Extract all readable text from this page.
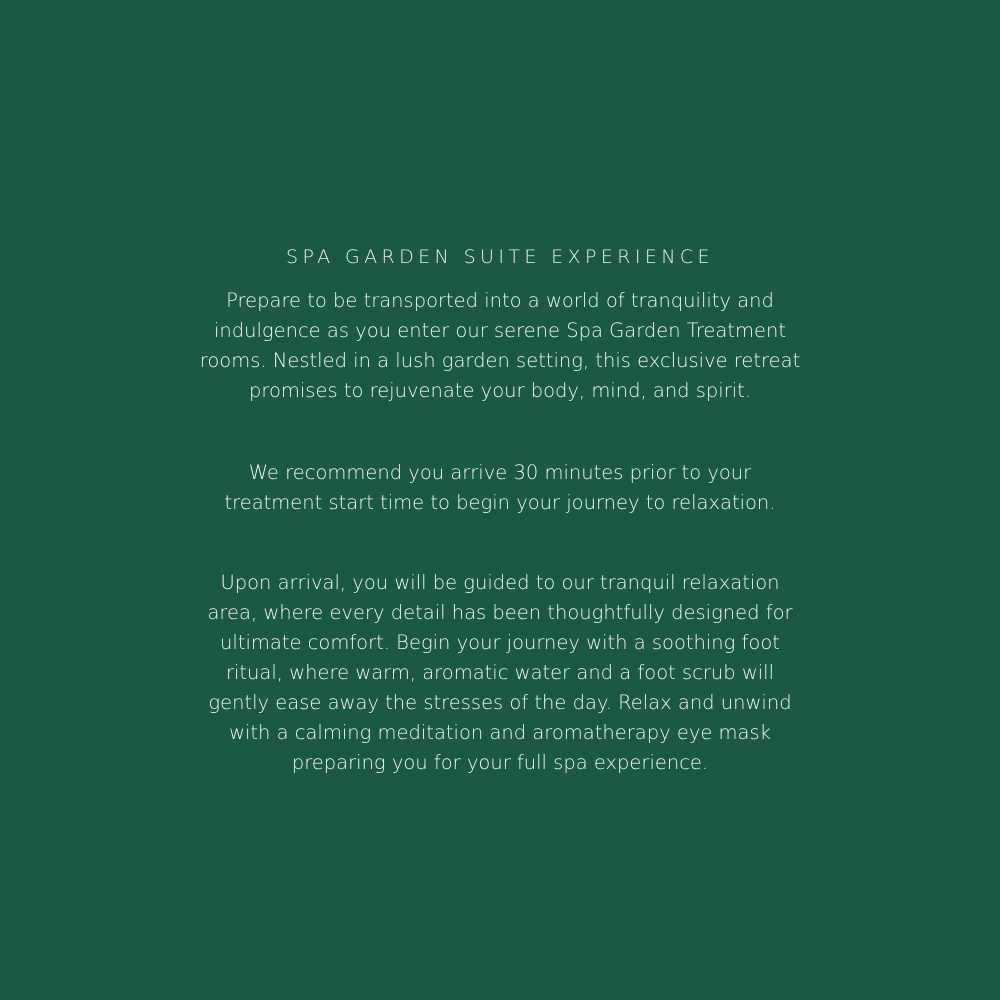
SPA GARDEN SUITE EXPERIENCE

Prepare to be transported into a world of tranquility and
indulgence as you enter our serene Spa Garden Treatment
rooms. Nestled in a lush garden setting, this exclusive retreat
promises to rejuvenate your body, mind, and spirit.

We recommend you arrive 30 minutes prior to your
treatment start time to begin your journey to relaxation.

Upon arrival, you will be guided to our tranquil relaxation
area, where every detail has been thoughtfully designed for
ultimate comfort. Begin your journey with a soothing foot
ritual, where warm, aromatic water and a foot scrub will
gently ease away the stresses of the day. Relax and unwind
with a calming meditation and aromatherapy eye mask
preparing you for your full spa experience.
